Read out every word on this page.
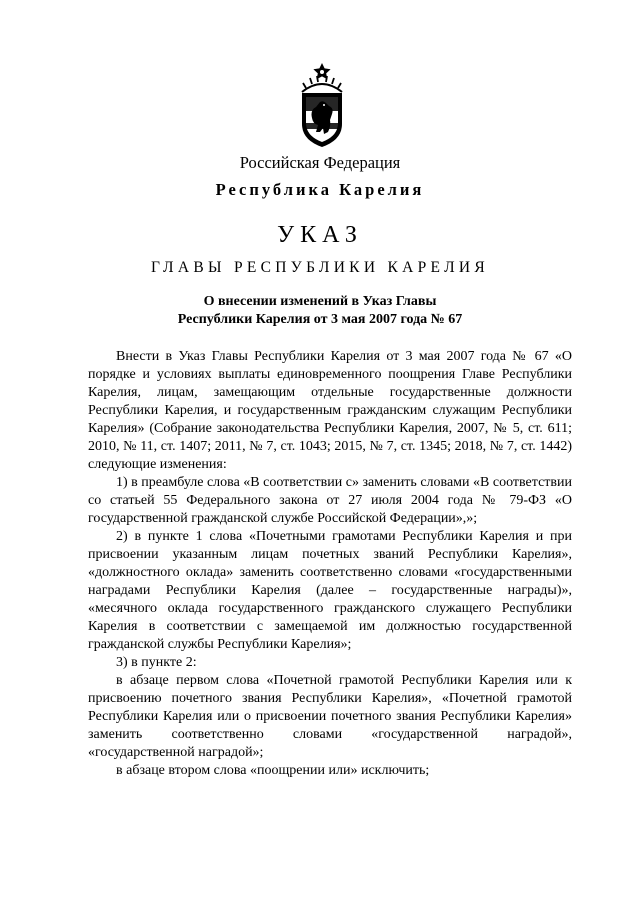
Российская Федерация
Республика Карелия
УКАЗ
ГЛАВЫ РЕСПУБЛИКИ КАРЕЛИЯ
О внесении изменений в Указ Главы
Республики Карелия от 3 мая 2007 года № 67

Внести в Указ Главы Республики Карелия от 3 мая 2007 года № 67 «О порядке и условиях выплаты единовременного поощрения Главе Республики Карелия, лицам, замещающим отдельные государственные должности Республики Карелия, и государственным гражданским служащим Республики Карелия» (Собрание законодательства Республики Карелия, 2007, № 5, ст. 611; 2010, № 11, ст. 1407; 2011, № 7, ст. 1043; 2015, № 7, ст. 1345; 2018, № 7, ст. 1442) следующие изменения:

1) в преамбуле слова «В соответствии с» заменить словами «В соответствии со статьей 55 Федерального закона от 27 июля 2004 года № 79-ФЗ «О государственной гражданской службе Российской Федерации»,»;

2) в пункте 1 слова «Почетными грамотами Республики Карелия и при присвоении указанным лицам почетных званий Республики Карелия», «должностного оклада» заменить соответственно словами «государственными наградами Республики Карелия (далее – государственные награды)», «месячного оклада государственного гражданского служащего Республики Карелия в соответствии с замещаемой им должностью государственной гражданской службы Республики Карелия»;

3) в пункте 2:

в абзаце первом слова «Почетной грамотой Республики Карелия или к присвоению почетного звания Республики Карелия», «Почетной грамотой Республики Карелия или о присвоении почетного звания Республики Карелия» заменить соответственно словами «государственной наградой», «государственной наградой»;

в абзаце втором слова «поощрении или» исключить;
